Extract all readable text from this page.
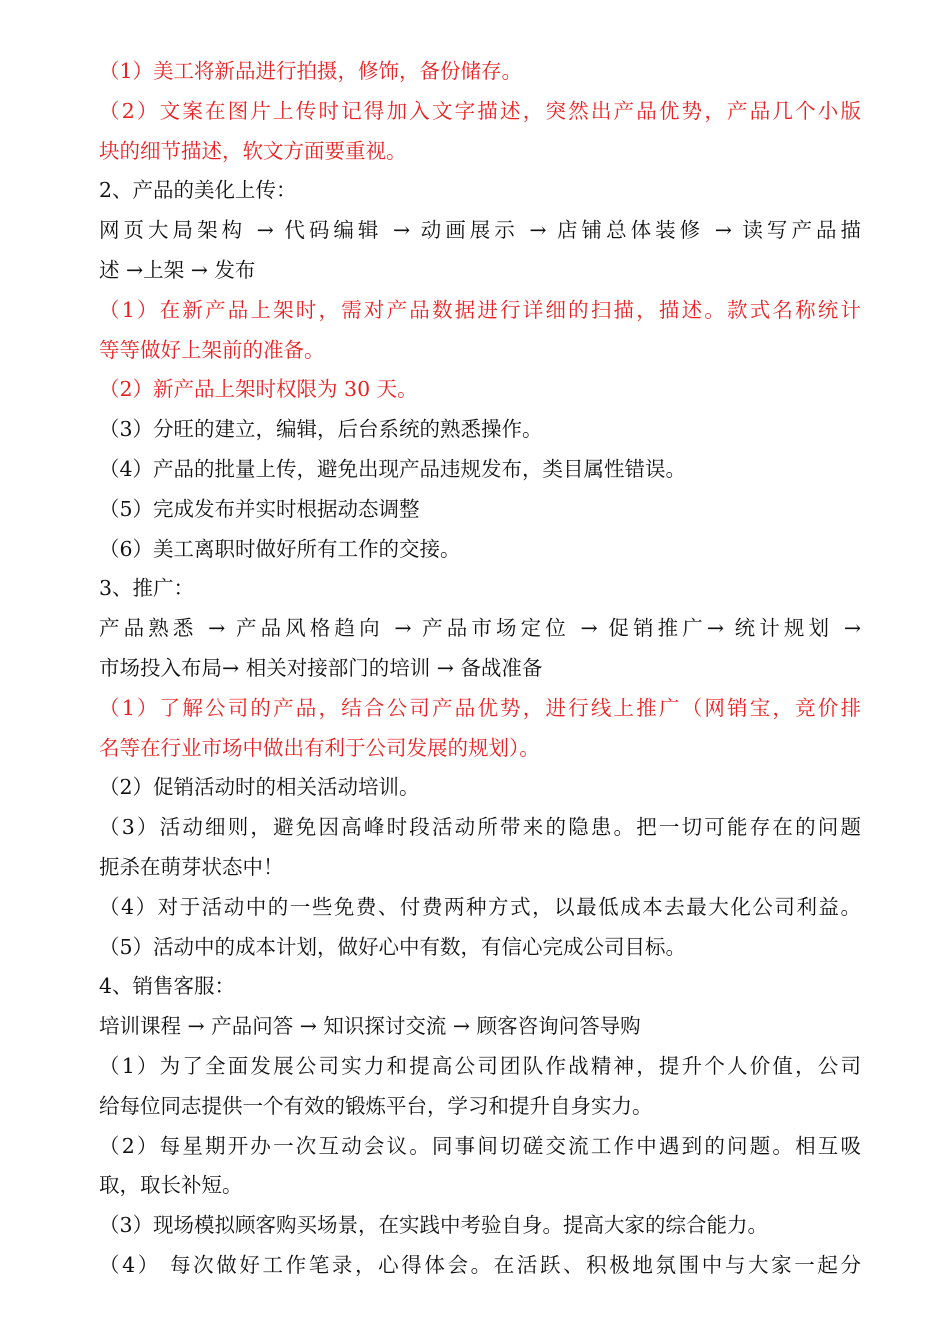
（1）美工将新品进行拍摄，修饰，备份储存。
（2）文案在图片上传时记得加入文字描述，突然出产品优势，产品几个小版
块的细节描述，软文方面要重视。
2、产品的美化上传：
网页大局架构 → 代码编辑 → 动画展示 → 店铺总体装修 → 读写产品描
述 →上架 → 发布
（1）在新产品上架时，需对产品数据进行详细的扫描，描述。款式名称统计
等等做好上架前的准备。
（2）新产品上架时权限为 30 天。
（3）分旺的建立，编辑，后台系统的熟悉操作。
（4）产品的批量上传，避免出现产品违规发布，类目属性错误。
（5）完成发布并实时根据动态调整
（6）美工离职时做好所有工作的交接。
3、推广：
产品熟悉 → 产品风格趋向 → 产品市场定位 → 促销推广→ 统计规划 →
市场投入布局→ 相关对接部门的培训 → 备战准备
（1）了解公司的产品，结合公司产品优势，进行线上推广（网销宝，竞价排
名等在行业市场中做出有利于公司发展的规划）。
（2）促销活动时的相关活动培训。
（3）活动细则，避免因高峰时段活动所带来的隐患。把一切可能存在的问题
扼杀在萌芽状态中！
（4）对于活动中的一些免费、付费两种方式，以最低成本去最大化公司利益。
（5）活动中的成本计划，做好心中有数，有信心完成公司目标。
4、销售客服：
培训课程 → 产品问答 → 知识探讨交流 → 顾客咨询问答导购
（1）为了全面发展公司实力和提高公司团队作战精神，提升个人价值，公司
给每位同志提供一个有效的锻炼平台，学习和提升自身实力。
（2）每星期开办一次互动会议。同事间切磋交流工作中遇到的问题。相互吸
取，取长补短。
（3）现场模拟顾客购买场景，在实践中考验自身。提高大家的综合能力。
（4） 每次做好工作笔录，心得体会。在活跃、积极地氛围中与大家一起分
